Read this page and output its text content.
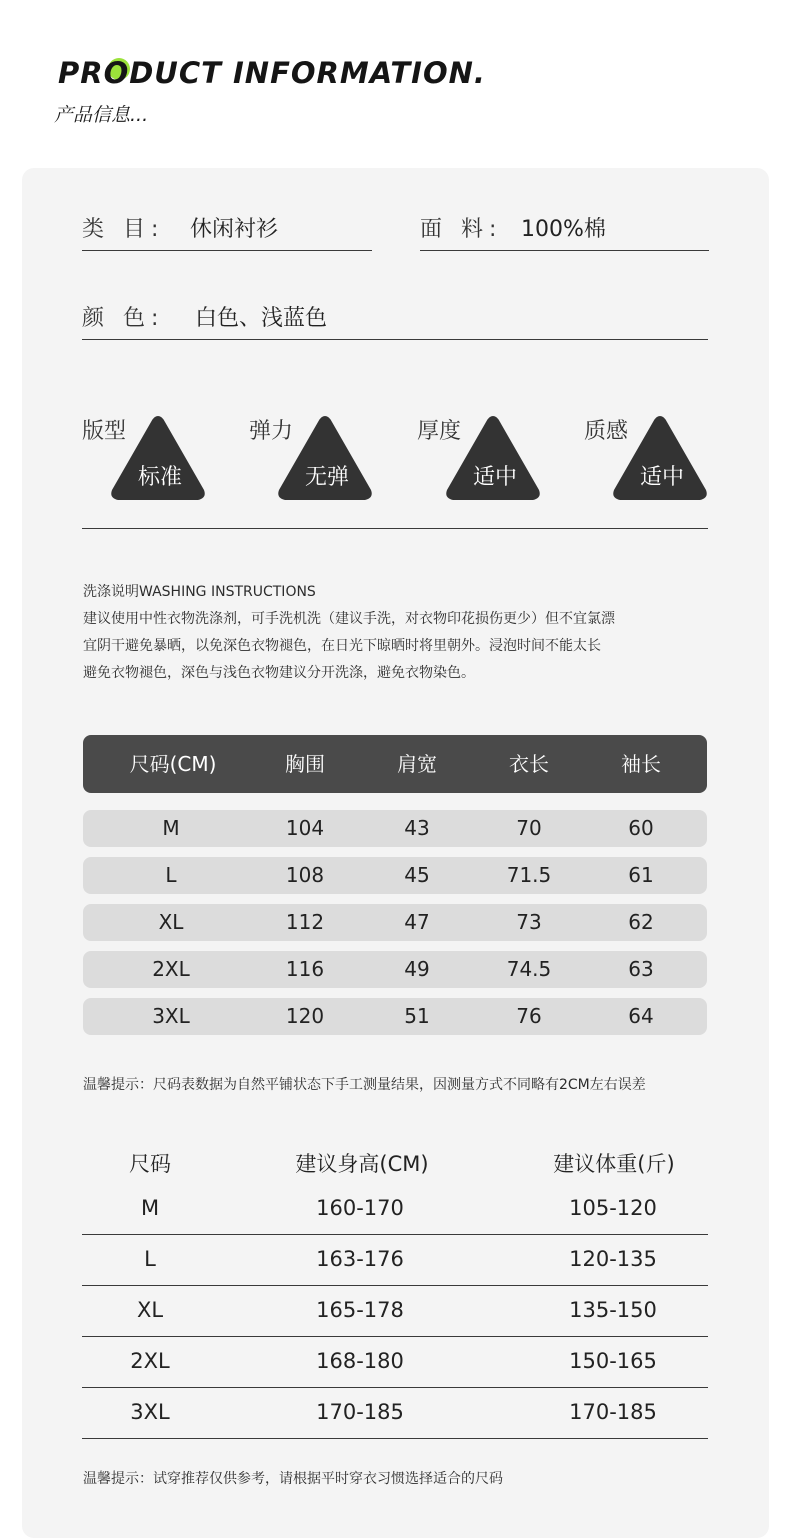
PRODUCT INFORMATION.
产品信息...
类 目: 休闲衬衫	面 料: 100%棉
颜 色: 白色、浅蓝色
版型
标准
弹力
无弹
厚度
适中
质感
适中
洗涤说明WASHING INSTRUCTIONS
建议使用中性衣物洗涤剂，可手洗机洗（建议手洗，对衣物印花损伤更少）但不宜氯漂
宜阴干避免暴晒，以免深色衣物褪色，在日光下晾晒时将里朝外。浸泡时间不能太长
避免衣物褪色，深色与浅色衣物建议分开洗涤，避免衣物染色。
尺码(CM)	胸围	肩宽	衣长	袖长
M	104	43	70	60
L	108	45	71.5	61
XL	112	47	73	62
2XL	116	49	74.5	63
3XL	120	51	76	64
温馨提示：尺码表数据为自然平铺状态下手工测量结果，因测量方式不同略有2CM左右误差
尺码	建议身高(CM)	建议体重(斤)
M	160-170	105-120
L	163-176	120-135
XL	165-178	135-150
2XL	168-180	150-165
3XL	170-185	170-185
温馨提示：试穿推荐仅供参考，请根据平时穿衣习惯选择适合的尺码
